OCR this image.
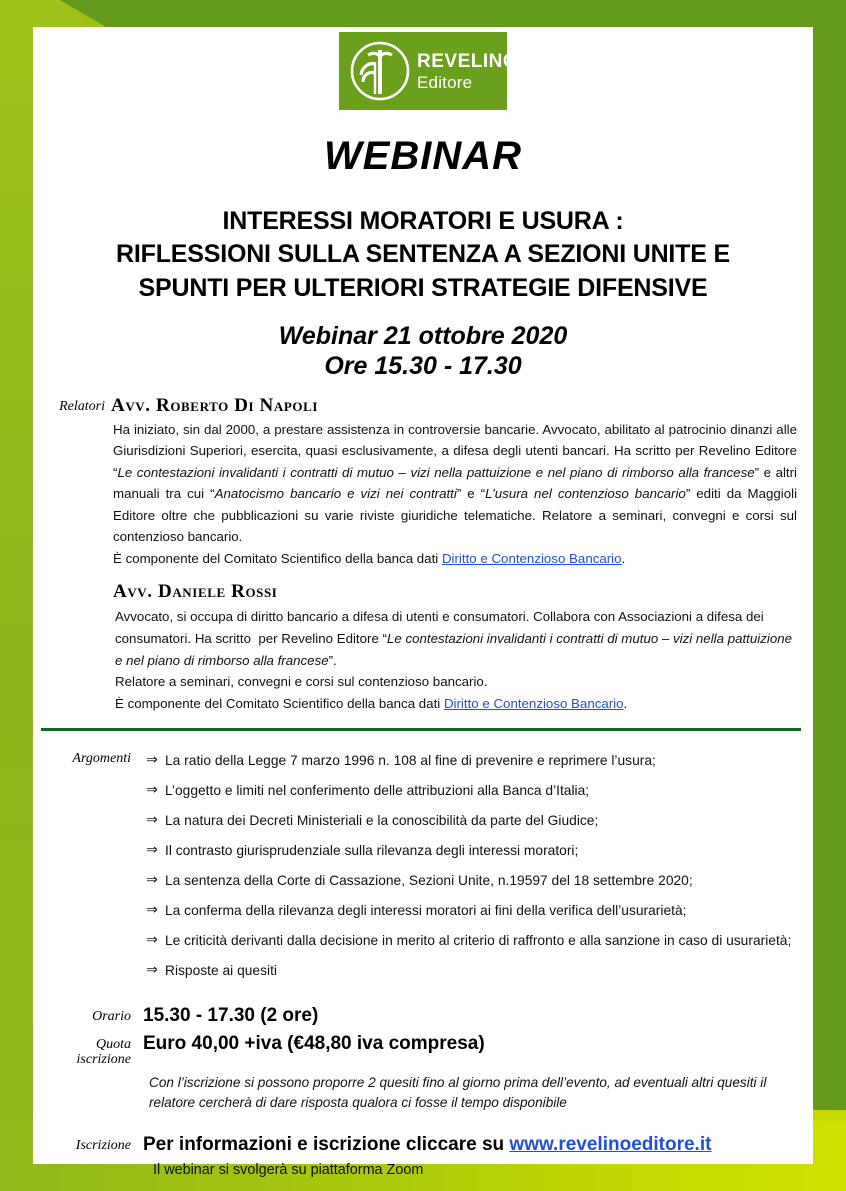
REVELINO
Editore
WEBINAR
INTERESSI MORATORI E USURA :
RIFLESSIONI SULLA SENTENZA A SEZIONI UNITE E
SPUNTI PER ULTERIORI STRATEGIE DIFENSIVE
Webinar 21 ottobre 2020
Ore 15.30 - 17.30
Relatori Avv. Roberto Di Napoli
Ha iniziato, sin dal 2000, a prestare assistenza in controversie bancarie. Avvocato, abilitato al patrocinio dinanzi alle Giurisdizioni Superiori, esercita, quasi esclusivamente, a difesa degli utenti bancari. Ha scritto per Revelino Editore “Le contestazioni invalidanti i contratti di mutuo – vizi nella pattuizione e nel piano di rimborso alla francese” e altri manuali tra cui “Anatocismo bancario e vizi nei contratti” e “L’usura nel contenzioso bancario” editi da Maggioli Editore oltre che pubblicazioni su varie riviste giuridiche telematiche. Relatore a seminari, convegni e corsi sul contenzioso bancario.
È componente del Comitato Scientifico della banca dati Diritto e Contenzioso Bancario.
Avv. Daniele Rossi
Avvocato, si occupa di diritto bancario a difesa di utenti e consumatori. Collabora con Associazioni a difesa dei consumatori. Ha scritto  per Revelino Editore “Le contestazioni invalidanti i contratti di mutuo – vizi nella pattuizione e nel piano di rimborso alla francese”.
Relatore a seminari, convegni e corsi sul contenzioso bancario.
È componente del Comitato Scientifico della banca dati Diritto e Contenzioso Bancario.
Argomenti	⇒ La ratio della Legge 7 marzo 1996 n. 108 al fine di prevenire e reprimere l’usura;
⇒ L’oggetto e limiti nel conferimento delle attribuzioni alla Banca d’Italia;
⇒ La natura dei Decreti Ministeriali e la conoscibilità da parte del Giudice;
⇒ Il contrasto giurisprudenziale sulla rilevanza degli interessi moratori;
⇒ La sentenza della Corte di Cassazione, Sezioni Unite, n.19597 del 18 settembre 2020;
⇒ La conferma della rilevanza degli interessi moratori ai fini della verifica dell’usurarietà;
⇒ Le criticità derivanti dalla decisione in merito al criterio di raffronto e alla sanzione in caso di usurarietà;
⇒ Risposte ai quesiti
Orario 15.30 - 17.30 (2 ore)
Quota
iscrizione
Euro 40,00 +iva (€48,80 iva compresa)
Con l’iscrizione si possono proporre 2 quesiti fino al giorno prima dell’evento, ad eventuali altri quesiti il relatore cercherà di dare risposta qualora ci fosse il tempo disponibile
Iscrizione Per informazioni e iscrizione cliccare su www.revelinoeditore.it
Il webinar si svolgerà su piattaforma Zoom
